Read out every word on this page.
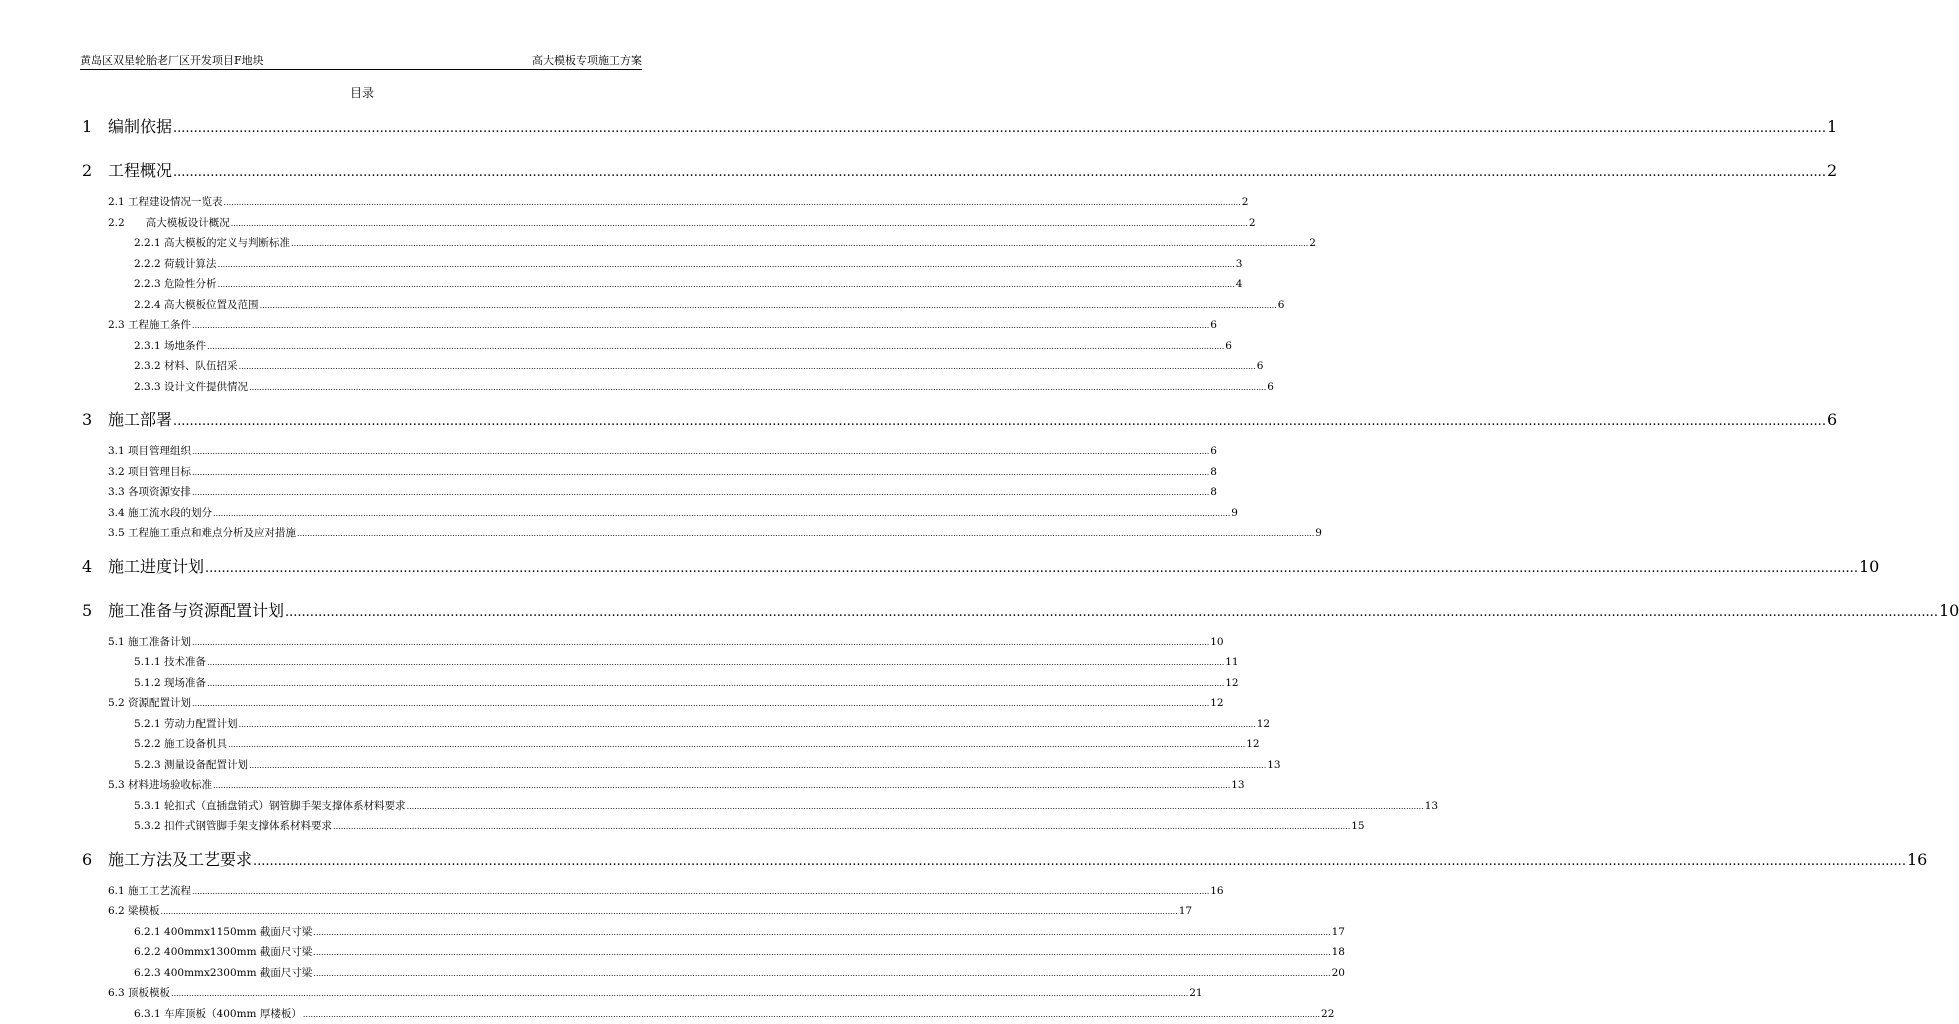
黄岛区双星轮胎老厂区开发项目F地块	高大模板专项施工方案
目录
1 编制依据 ................................................................................................................................................................................................................................................................................................................................................................................................................ 1
2 工程概况 ................................................................................................................................................................................................................................................................................................................................................................................................................ 2
2.1 工程建设情况一览表 ................................................................................................................................................................................................................................................................................................................................................................................................................ 2
2.2　　高大模板设计概况 ................................................................................................................................................................................................................................................................................................................................................................................................................ 2
2.2.1 高大模板的定义与判断标准 ................................................................................................................................................................................................................................................................................................................................................................................................................ 2
2.2.2 荷载计算法 ................................................................................................................................................................................................................................................................................................................................................................................................................ 3
2.2.3 危险性分析 ................................................................................................................................................................................................................................................................................................................................................................................................................ 4
2.2.4 高大模板位置及范围 ................................................................................................................................................................................................................................................................................................................................................................................................................ 6
2.3 工程施工条件 ................................................................................................................................................................................................................................................................................................................................................................................................................ 6
2.3.1 场地条件 ................................................................................................................................................................................................................................................................................................................................................................................................................ 6
2.3.2 材料、队伍招采 ................................................................................................................................................................................................................................................................................................................................................................................................................ 6
2.3.3 设计文件提供情况 ................................................................................................................................................................................................................................................................................................................................................................................................................ 6
3 施工部署 ................................................................................................................................................................................................................................................................................................................................................................................................................ 6
3.1 项目管理组织 ................................................................................................................................................................................................................................................................................................................................................................................................................ 6
3.2 项目管理目标 ................................................................................................................................................................................................................................................................................................................................................................................................................ 8
3.3 各项资源安排 ................................................................................................................................................................................................................................................................................................................................................................................................................ 8
3.4 施工流水段的划分 ................................................................................................................................................................................................................................................................................................................................................................................................................ 9
3.5 工程施工重点和难点分析及应对措施 ................................................................................................................................................................................................................................................................................................................................................................................................................ 9
4 施工进度计划 ................................................................................................................................................................................................................................................................................................................................................................................................................ 10
5 施工准备与资源配置计划 ................................................................................................................................................................................................................................................................................................................................................................................................................ 10
5.1 施工准备计划 ................................................................................................................................................................................................................................................................................................................................................................................................................ 10
5.1.1 技术准备 ................................................................................................................................................................................................................................................................................................................................................................................................................ 11
5.1.2 现场准备 ................................................................................................................................................................................................................................................................................................................................................................................................................ 12
5.2 资源配置计划 ................................................................................................................................................................................................................................................................................................................................................................................................................ 12
5.2.1 劳动力配置计划 ................................................................................................................................................................................................................................................................................................................................................................................................................ 12
5.2.2 施工设备机具 ................................................................................................................................................................................................................................................................................................................................................................................................................ 12
5.2.3 测量设备配置计划 ................................................................................................................................................................................................................................................................................................................................................................................................................ 13
5.3 材料进场验收标准 ................................................................................................................................................................................................................................................................................................................................................................................................................ 13
5.3.1 轮扣式（直插盘销式）钢管脚手架支撑体系材料要求 ................................................................................................................................................................................................................................................................................................................................................................................................................ 13
5.3.2 扣件式钢管脚手架支撑体系材料要求 ................................................................................................................................................................................................................................................................................................................................................................................................................ 15
6 施工方法及工艺要求 ................................................................................................................................................................................................................................................................................................................................................................................................................ 16
6.1 施工工艺流程 ................................................................................................................................................................................................................................................................................................................................................................................................................ 16
6.2 梁模板 ................................................................................................................................................................................................................................................................................................................................................................................................................ 17
6.2.1 400mmx1150mm 截面尺寸梁 ................................................................................................................................................................................................................................................................................................................................................................................................................ 17
6.2.2 400mmx1300mm 截面尺寸梁 ................................................................................................................................................................................................................................................................................................................................................................................................................ 18
6.2.3 400mmx2300mm 截面尺寸梁 ................................................................................................................................................................................................................................................................................................................................................................................................................ 20
6.3 顶板模板 ................................................................................................................................................................................................................................................................................................................................................................................................................ 21
6.3.1 车库顶板（400mm 厚楼板） ................................................................................................................................................................................................................................................................................................................................................................................................................ 22
